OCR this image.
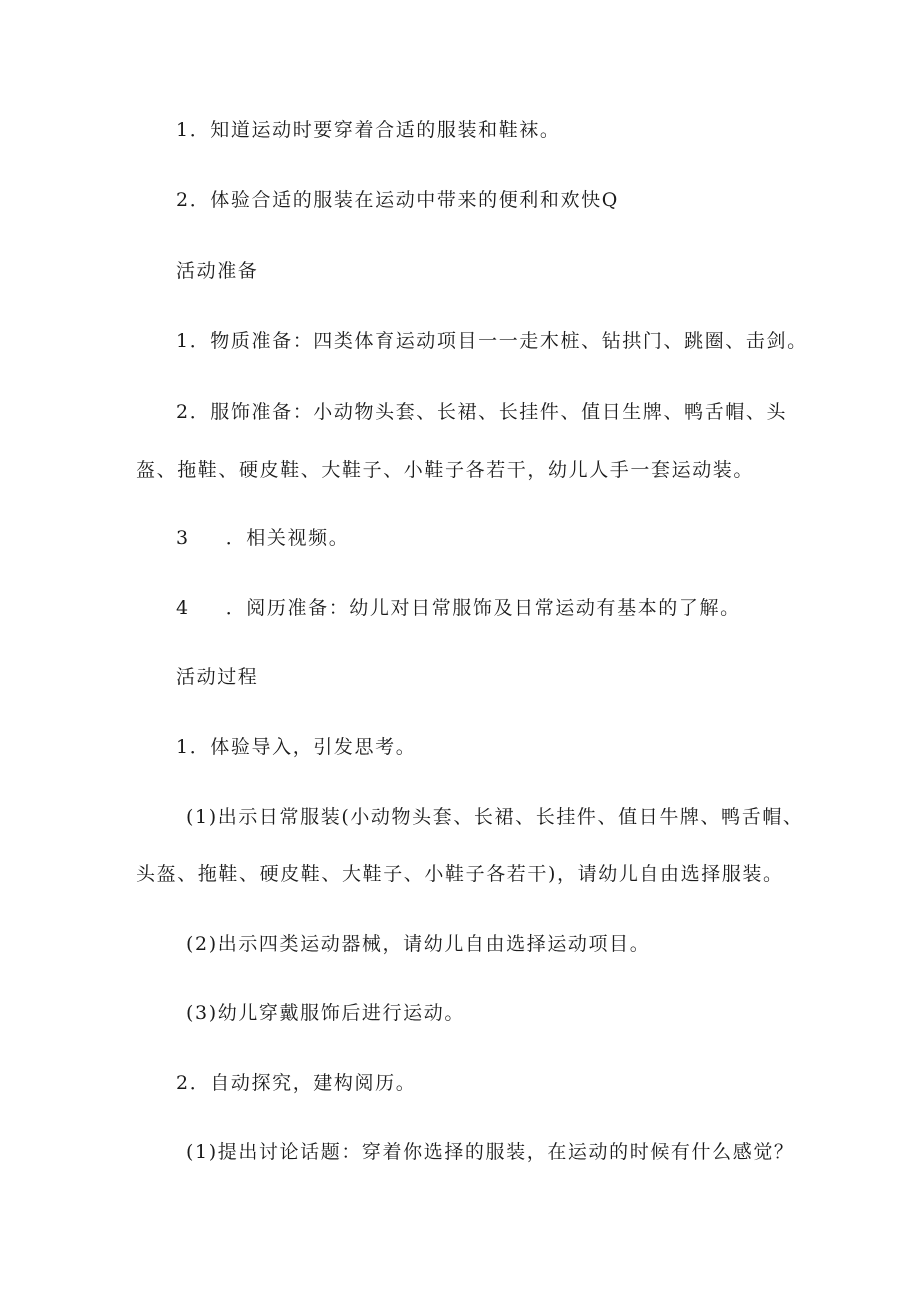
1．知道运动时要穿着合适的服装和鞋袜。
2．体验合适的服装在运动中带来的便利和欢快Q
活动准备
1．物质准备：四类体育运动项目一一走木桩、钻拱门、跳圈、击剑。
2．服饰准备：小动物头套、长裙、长挂件、值日生牌、鸭舌帽、头
盔、拖鞋、硬皮鞋、大鞋子、小鞋子各若干，幼儿人手一套运动装。
3 ．相关视频。
4 ．阅历准备：幼儿对日常服饰及日常运动有基本的了解。
活动过程
1．体验导入，引发思考。
(1)出示日常服装(小动物头套、长裙、长挂件、值日牛牌、鸭舌帽、
头盔、拖鞋、硬皮鞋、大鞋子、小鞋子各若干)，请幼儿自由选择服装。
(2)出示四类运动器械，请幼儿自由选择运动项目。
(3)幼儿穿戴服饰后进行运动。
2．自动探究，建构阅历。
(1)提出讨论话题：穿着你选择的服装，在运动的时候有什么感觉？
